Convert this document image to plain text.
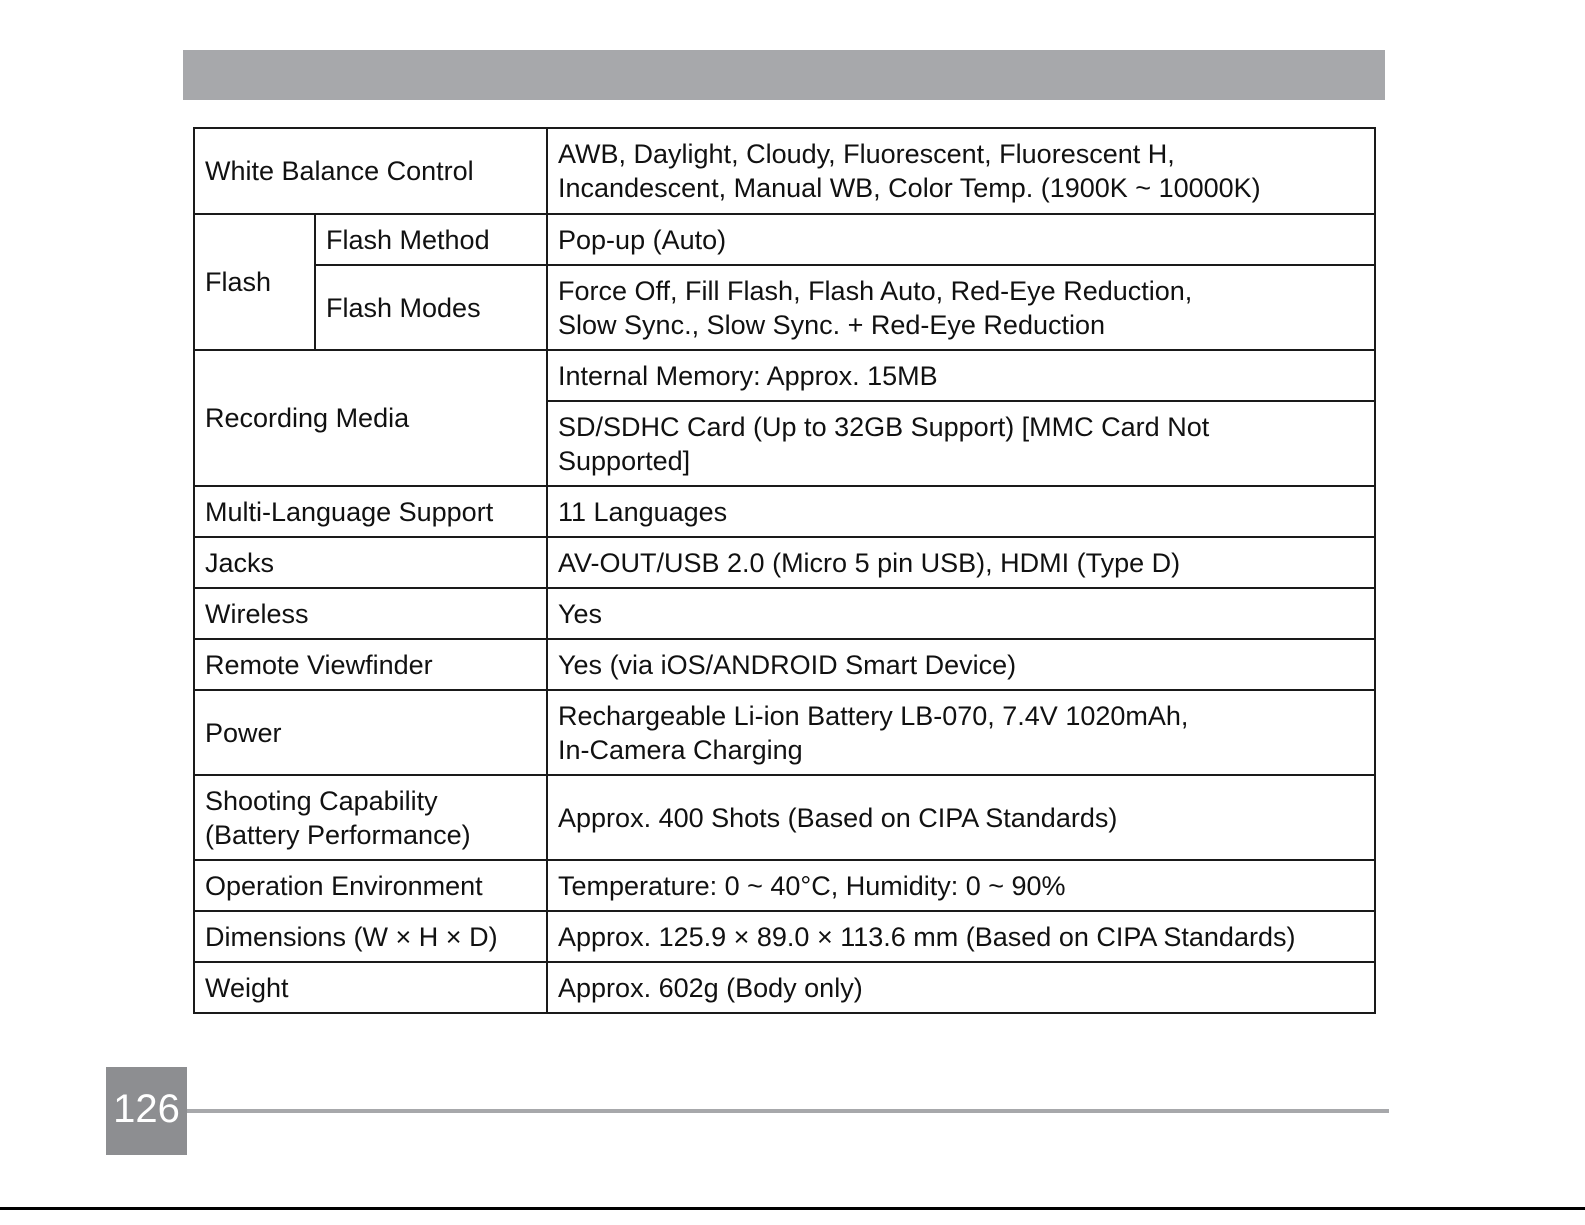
White Balance Control		AWB, Daylight, Cloudy, Fluorescent, Fluorescent H,
Incandescent, Manual WB, Color Temp. (1900K ~ 10000K)
Flash	Flash Method	Pop-up (Auto)
	Flash Modes	Force Off, Fill Flash, Flash Auto, Red-Eye Reduction,
Slow Sync., Slow Sync. + Red-Eye Reduction
Recording Media		Internal Memory: Approx. 15MB
		SD/SDHC Card (Up to 32GB Support) [MMC Card Not
Supported]
Multi-Language Support		11 Languages
Jacks		AV-OUT/USB 2.0 (Micro 5 pin USB), HDMI (Type D)
Wireless		Yes
Remote Viewfinder		Yes (via iOS/ANDROID Smart Device)
Power		Rechargeable Li-ion Battery LB-070, 7.4V 1020mAh,
In-Camera Charging
Shooting Capability
(Battery Performance)		Approx. 400 Shots (Based on CIPA Standards)
Operation Environment		Temperature: 0 ~ 40°C, Humidity: 0 ~ 90%
Dimensions (W × H × D)		Approx. 125.9 × 89.0 × 113.6 mm (Based on CIPA Standards)
Weight		Approx. 602g (Body only)
126
